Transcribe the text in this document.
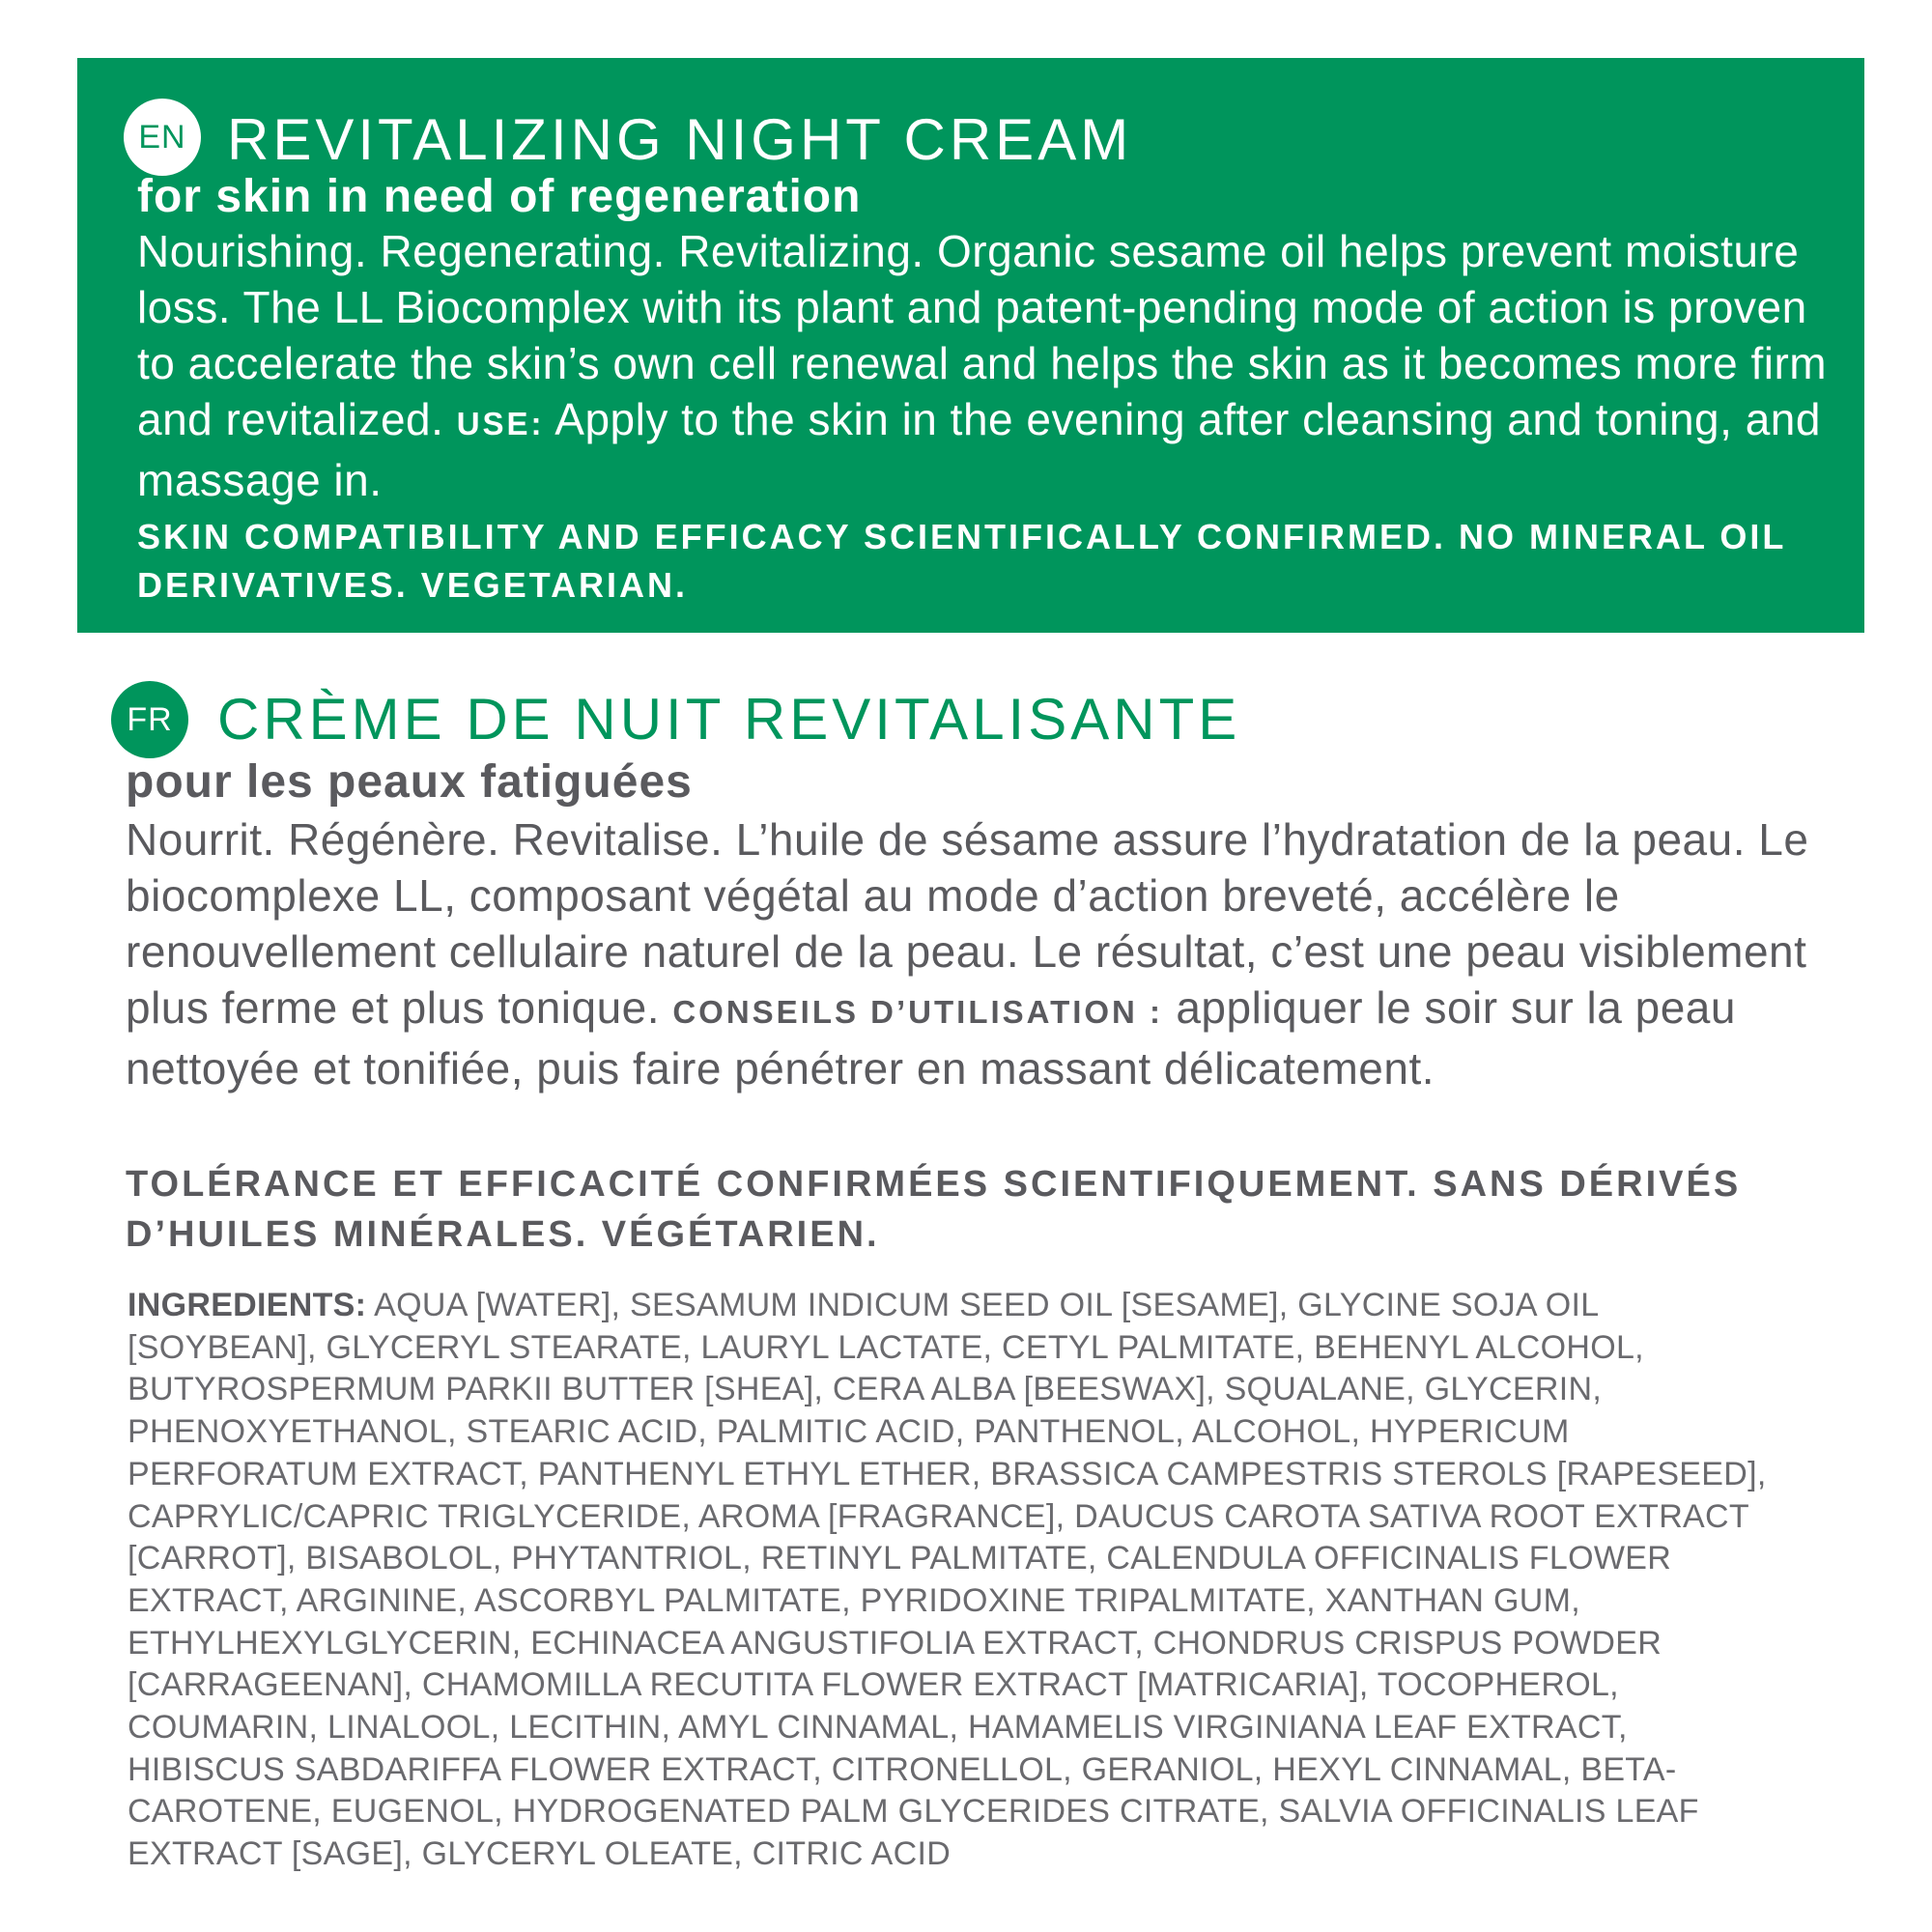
EN REVITALIZING NIGHT CREAM
for skin in need of regeneration
Nourishing. Regenerating. Revitalizing. Organic sesame oil helps prevent moisture loss. The LL Biocomplex with its plant and patent-pending mode of action is proven to accelerate the skin’s own cell renewal and helps the skin as it becomes more firm and revitalized. USE: Apply to the skin in the evening after cleansing and toning, and massage in.
SKIN COMPATIBILITY AND EFFICACY SCIENTIFICALLY CONFIRMED. NO MINERAL OIL DERIVATIVES. VEGETARIAN.
FR CRÈME DE NUIT REVITALISANTE
pour les peaux fatiguées
Nourrit. Régénère. Revitalise. L’huile de sésame assure l’hydratation de la peau. Le biocomplexe LL, composant végétal au mode d’action breveté, accélère le renouvellement cellulaire naturel de la peau. Le résultat, c’est une peau visiblement plus ferme et plus tonique. CONSEILS D’UTILISATION : appliquer le soir sur la peau nettoyée et tonifiée, puis faire pénétrer en massant délicatement.
TOLÉRANCE ET EFFICACITÉ CONFIRMÉES SCIENTIFIQUEMENT. SANS DÉRIVÉS D’HUILES MINÉRALES. VÉGÉTARIEN.
INGREDIENTS: AQUA [WATER], SESAMUM INDICUM SEED OIL [SESAME], GLYCINE SOJA OIL [SOYBEAN], GLYCERYL STEARATE, LAURYL LACTATE, CETYL PALMITATE, BEHENYL ALCOHOL, BUTYROSPERMUM PARKII BUTTER [SHEA], CERA ALBA [BEESWAX], SQUALANE, GLYCERIN, PHENOXYETHANOL, STEARIC ACID, PALMITIC ACID, PANTHENOL, ALCOHOL, HYPERICUM PERFORATUM EXTRACT, PANTHENYL ETHYL ETHER, BRASSICA CAMPESTRIS STEROLS [RAPESEED], CAPRYLIC/CAPRIC TRIGLYCERIDE, AROMA [FRAGRANCE], DAUCUS CAROTA SATIVA ROOT EXTRACT [CARROT], BISABOLOL, PHYTANTRIOL, RETINYL PALMITATE, CALENDULA OFFICINALIS FLOWER EXTRACT, ARGININE, ASCORBYL PALMITATE, PYRIDOXINE TRIPALMITATE, XANTHAN GUM, ETHYLHEXYLGLYCERIN, ECHINACEA ANGUSTIFOLIA EXTRACT, CHONDRUS CRISPUS POWDER [CARRAGEENAN], CHAMOMILLA RECUTITA FLOWER EXTRACT [MATRICARIA], TOCOPHEROL, COUMARIN, LINALOOL, LECITHIN, AMYL CINNAMAL, HAMAMELIS VIRGINIANA LEAF EXTRACT, HIBISCUS SABDARIFFA FLOWER EXTRACT, CITRONELLOL, GERANIOL, HEXYL CINNAMAL, BETA-CAROTENE, EUGENOL, HYDROGENATED PALM GLYCERIDES CITRATE, SALVIA OFFICINALIS LEAF EXTRACT [SAGE], GLYCERYL OLEATE, CITRIC ACID
